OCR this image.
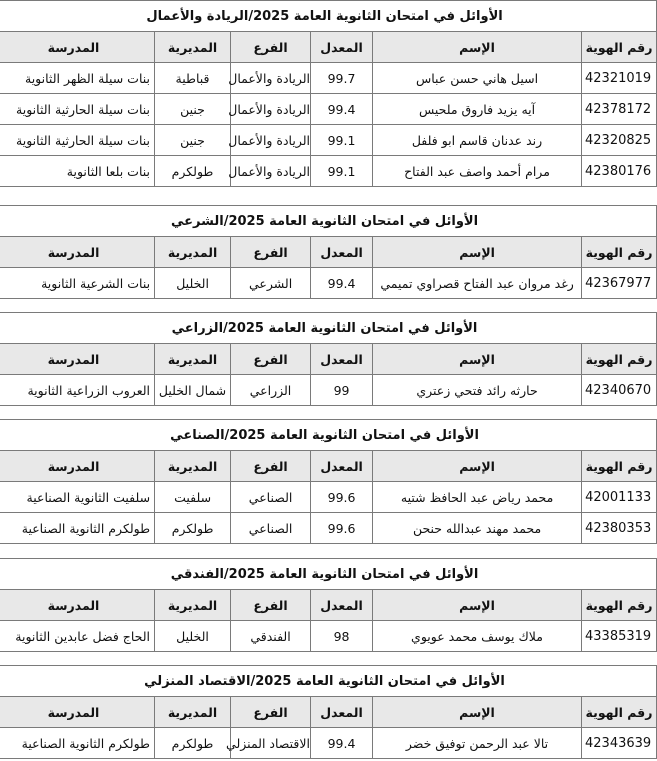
الأوائل في امتحان الثانوية العامة 2025/الريادة والأعمال					
رقم الهوية	الإسم	المعدل	الفرع	المديرية	المدرسة
42321019	اسيل هاني حسن عباس	99.7	الريادة والأعمال	قباطية	بنات سيلة الظهر الثانوية
42378172	آيه يزيد فاروق ملحيس	99.4	الريادة والأعمال	جنين	بنات سيلة الحارثية الثانوية
42320825	رند عدنان قاسم ابو فلفل	99.1	الريادة والأعمال	جنين	بنات سيلة الحارثية الثانوية
42380176	مرام أحمد واصف عبد الفتاح	99.1	الريادة والأعمال	طولكرم	بنات بلعا الثانوية
الأوائل في امتحان الثانوية العامة 2025/الشرعي					
رقم الهوية	الإسم	المعدل	الفرع	المديرية	المدرسة
42367977	رغد مروان عبد الفتاح قصراوي تميمي	99.4	الشرعي	الخليل	بنات الشرعية الثانوية
الأوائل في امتحان الثانوية العامة 2025/الزراعي					
رقم الهوية	الإسم	المعدل	الفرع	المديرية	المدرسة
42340670	حارثه رائد فتحي زعتري	99	الزراعي	شمال الخليل	العروب الزراعية الثانوية
الأوائل في امتحان الثانوية العامة 2025/الصناعي					
رقم الهوية	الإسم	المعدل	الفرع	المديرية	المدرسة
42001133	محمد رياض عبد الحافظ شتيه	99.6	الصناعي	سلفيت	سلفيت الثانوية الصناعية
42380353	محمد مهند عبدالله حنحن	99.6	الصناعي	طولكرم	طولكرم الثانوية الصناعية
الأوائل في امتحان الثانوية العامة 2025/الفندقي					
رقم الهوية	الإسم	المعدل	الفرع	المديرية	المدرسة
43385319	ملاك يوسف محمد عويوي	98	الفندقي	الخليل	الحاج فضل عابدين الثانوية
الأوائل في امتحان الثانوية العامة 2025/الاقتصاد المنزلي					
رقم الهوية	الإسم	المعدل	الفرع	المديرية	المدرسة
42343639	تالا عبد الرحمن توفيق خضر	99.4	الاقتصاد المنزلي	طولكرم	طولكرم الثانوية الصناعية
